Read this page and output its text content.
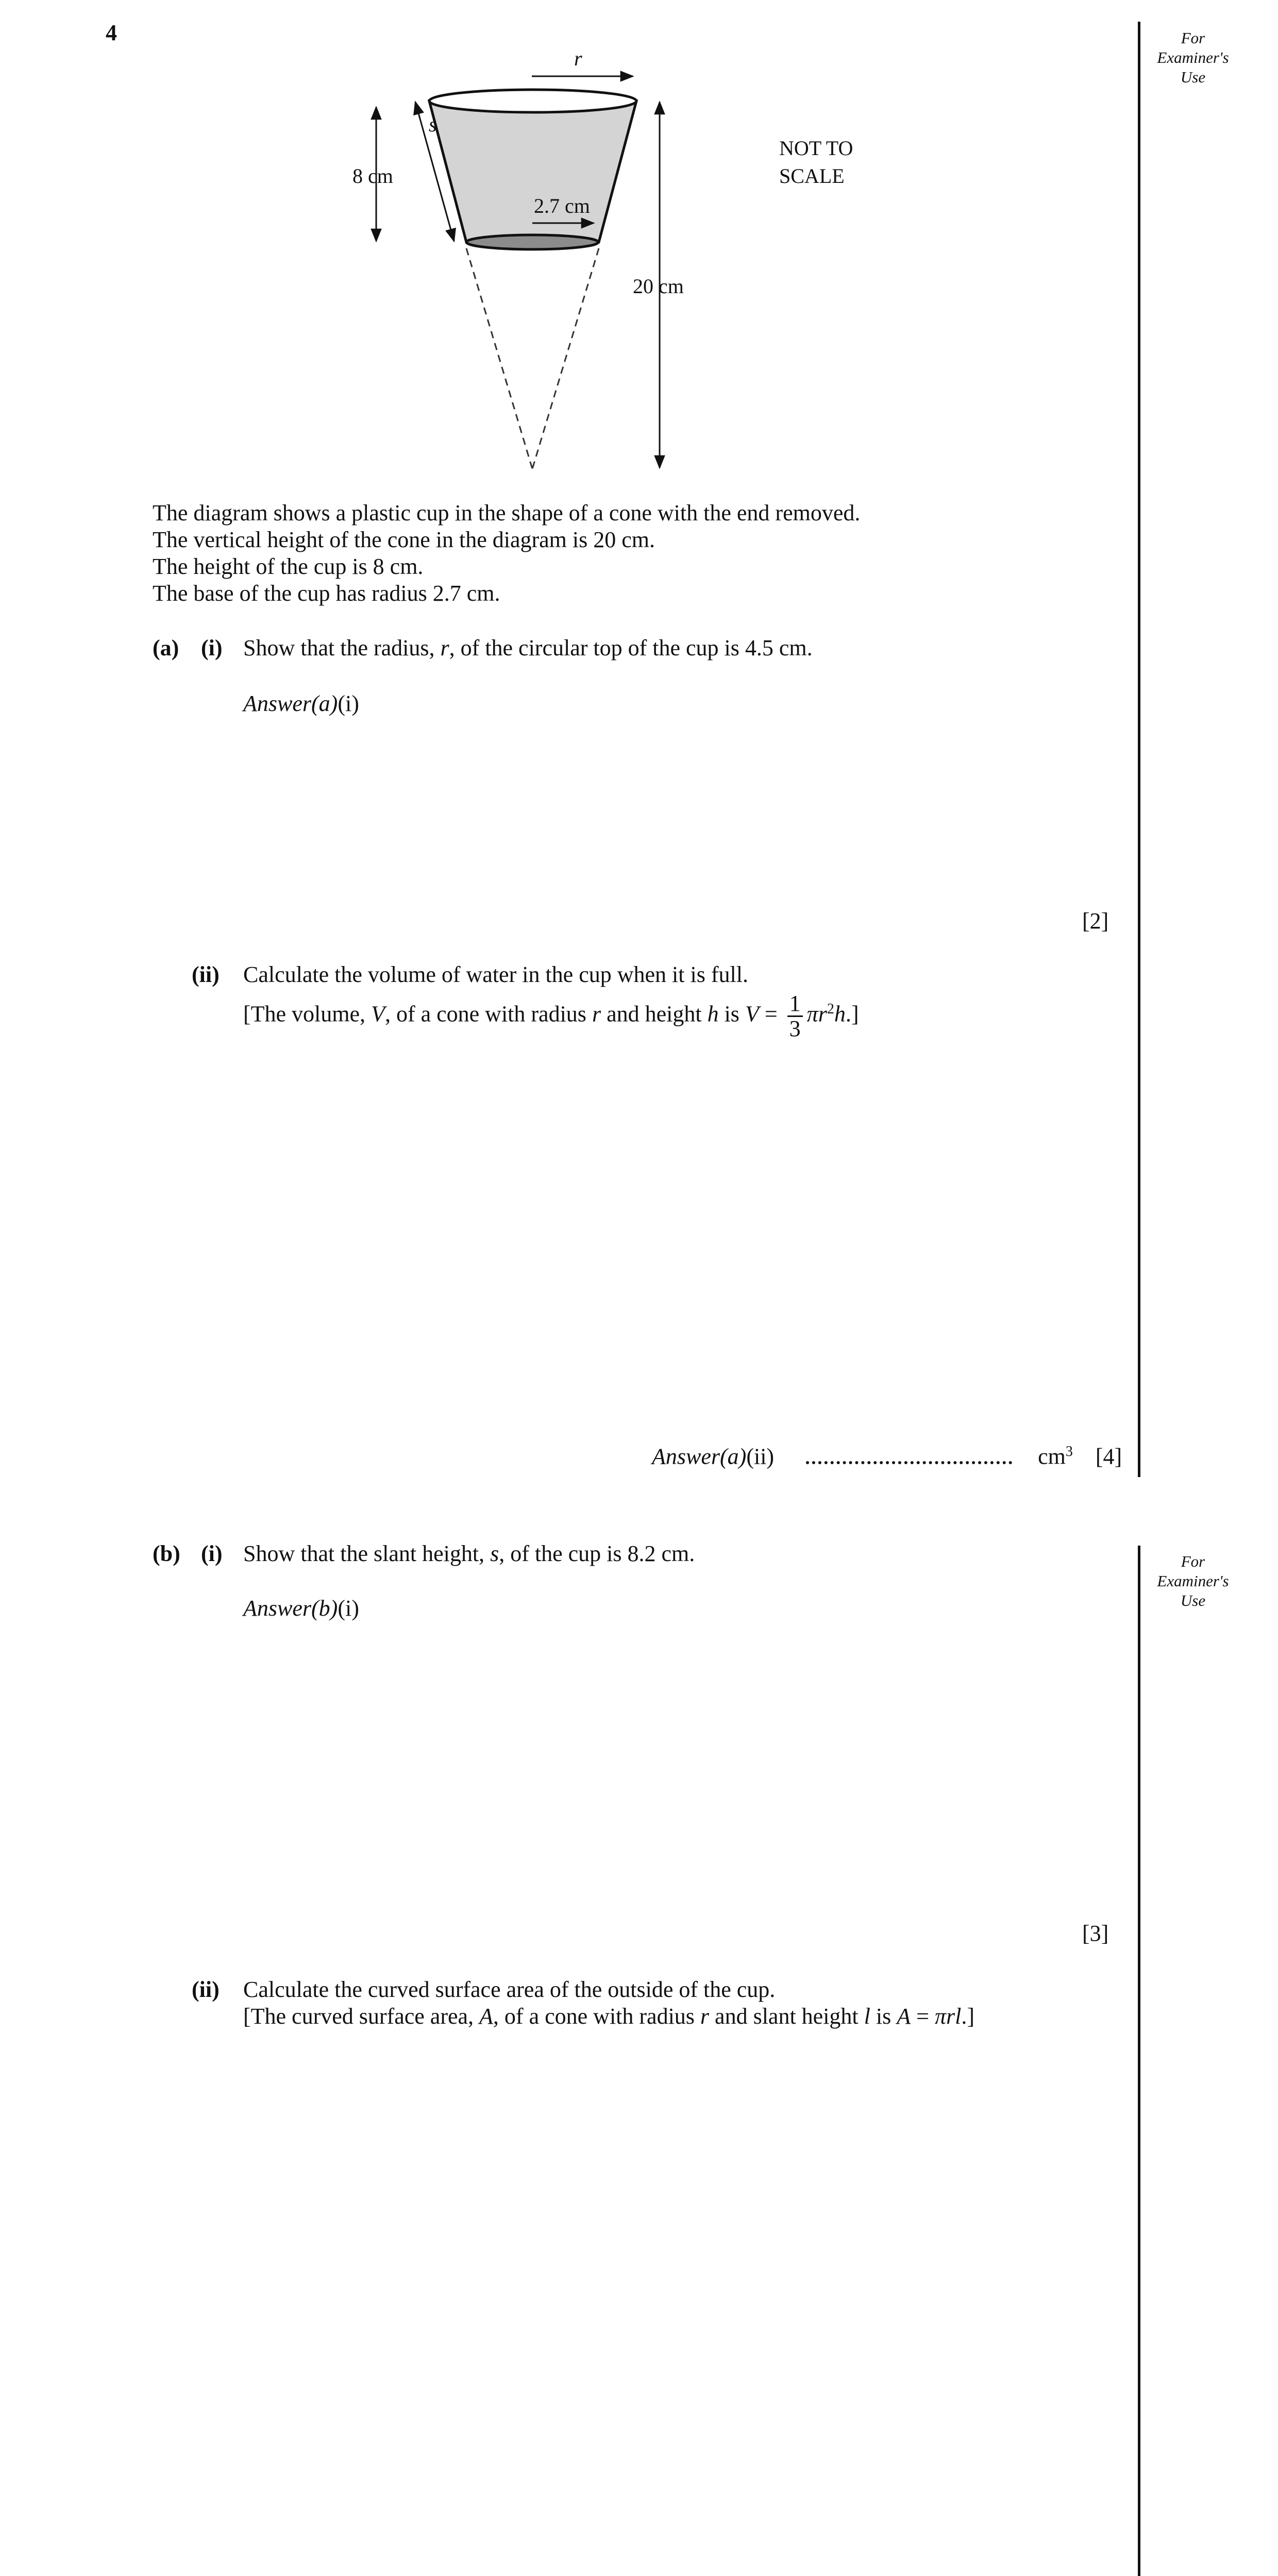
4	For
Examiner's
Use
For
Examiner's
Use
r
s
8 cm
2.7 cm
20 cm
NOT TO
SCALE
The diagram shows a plastic cup in the shape of a cone with the end removed.
The vertical height of the cone in the diagram is 20 cm.
The height of the cup is 8 cm.
The base of the cup has radius 2.7 cm.
(a) (i) Show that the radius, r, of the circular top of the cup is 4.5 cm.
Answer(a)(i)
[2]
(ii) Calculate the volume of water in the cup when it is full.
[The volume, V, of a cone with radius r and height h is $V = \frac{1}{3} \pi r^2h$.]
Answer(a)(ii)	$cm^3$ [4]
(b) (i) Show that the slant height, s, of the cup is 8.2 cm.
Answer(b)(i)
[3]
(ii) Calculate the curved surface area of the outside of the cup.
[The curved surface area, A, of a cone with radius r and slant height l is A = πrl.]
